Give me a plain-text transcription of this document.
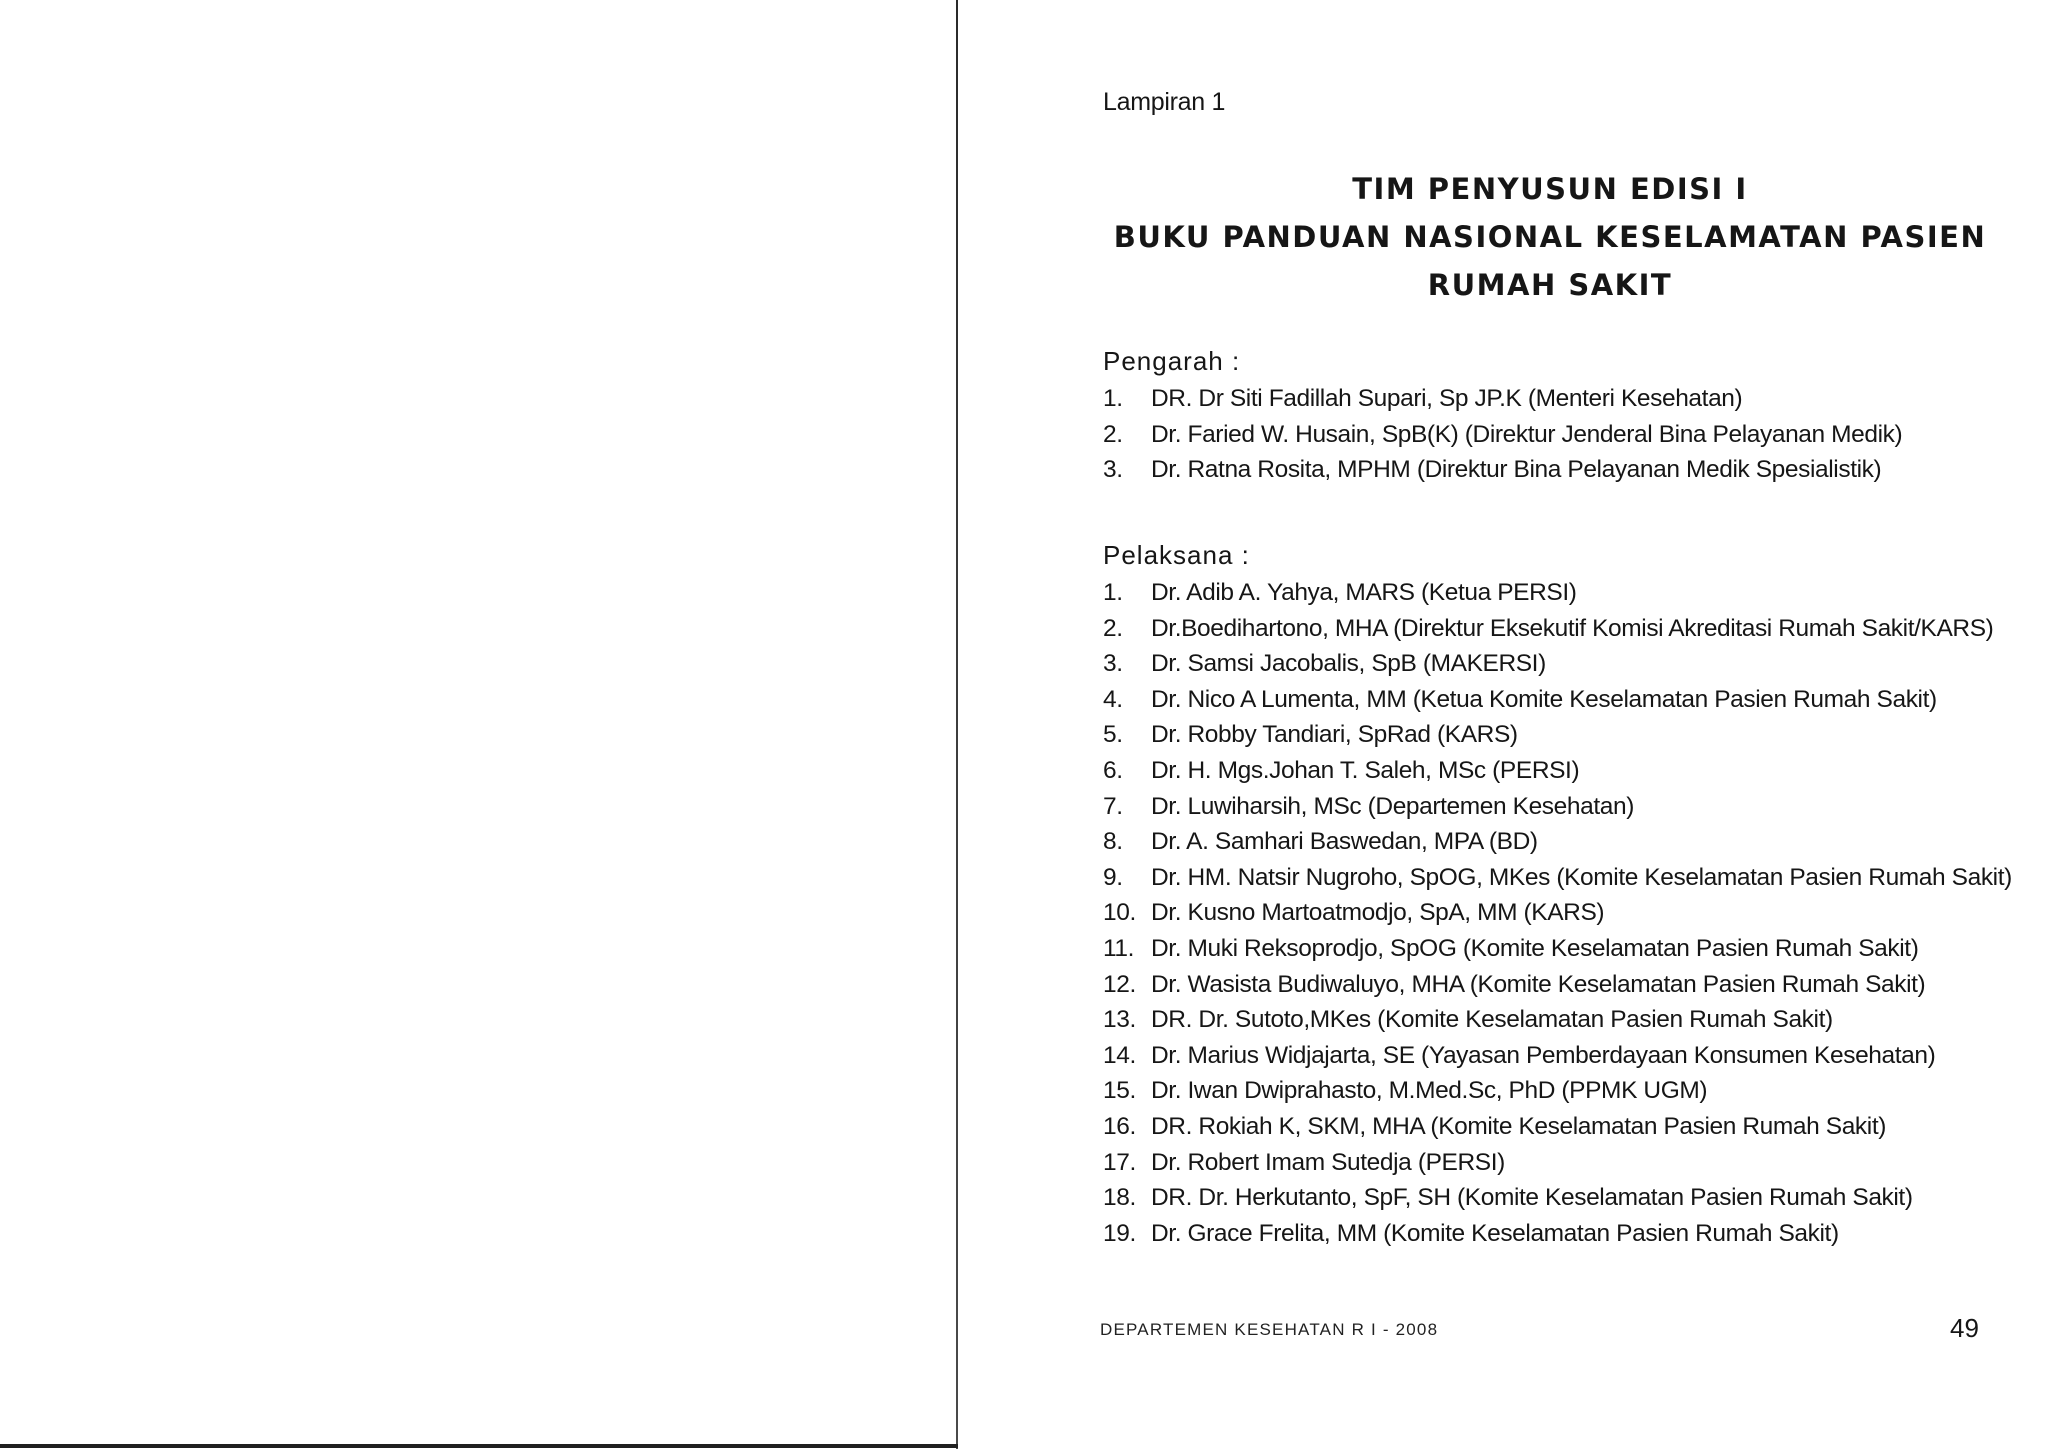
Lampiran 1
TIM PENYUSUN EDISI I
BUKU PANDUAN NASIONAL KESELAMATAN PASIEN
RUMAH SAKIT
Pengarah :
1.	DR. Dr Siti Fadillah Supari, Sp JP.K (Menteri Kesehatan)
2.	Dr. Faried W. Husain, SpB(K) (Direktur Jenderal Bina Pelayanan Medik)
3.	Dr. Ratna Rosita, MPHM (Direktur Bina Pelayanan Medik Spesialistik)
Pelaksana :
1.	Dr. Adib A. Yahya, MARS (Ketua PERSI)
2.	Dr.Boedihartono, MHA (Direktur Eksekutif Komisi Akreditasi Rumah Sakit/KARS)
3.	Dr. Samsi Jacobalis, SpB (MAKERSI)
4.	Dr. Nico A Lumenta, MM (Ketua Komite Keselamatan Pasien Rumah Sakit)
5.	Dr. Robby Tandiari, SpRad (KARS)
6.	Dr. H. Mgs.Johan T. Saleh, MSc (PERSI)
7.	Dr. Luwiharsih, MSc (Departemen Kesehatan)
8.	Dr. A. Samhari Baswedan, MPA (BD)
9.	Dr. HM. Natsir Nugroho, SpOG, MKes (Komite Keselamatan Pasien Rumah Sakit)
10. Dr. Kusno Martoatmodjo, SpA, MM (KARS)
11. Dr. Muki Reksoprodjo, SpOG (Komite Keselamatan Pasien Rumah Sakit)
12. Dr. Wasista Budiwaluyo, MHA (Komite Keselamatan Pasien Rumah Sakit)
13. DR. Dr. Sutoto,MKes (Komite Keselamatan Pasien Rumah Sakit)
14. Dr. Marius Widjajarta, SE (Yayasan Pemberdayaan Konsumen Kesehatan)
15. Dr. Iwan Dwiprahasto, M.Med.Sc, PhD (PPMK UGM)
16. DR. Rokiah K, SKM, MHA (Komite Keselamatan Pasien Rumah Sakit)
17. Dr. Robert Imam Sutedja (PERSI)
18. DR. Dr. Herkutanto, SpF, SH (Komite Keselamatan Pasien Rumah Sakit)
19. Dr. Grace Frelita, MM (Komite Keselamatan Pasien Rumah Sakit)
DEPARTEMEN KESEHATAN R I - 2008	49
